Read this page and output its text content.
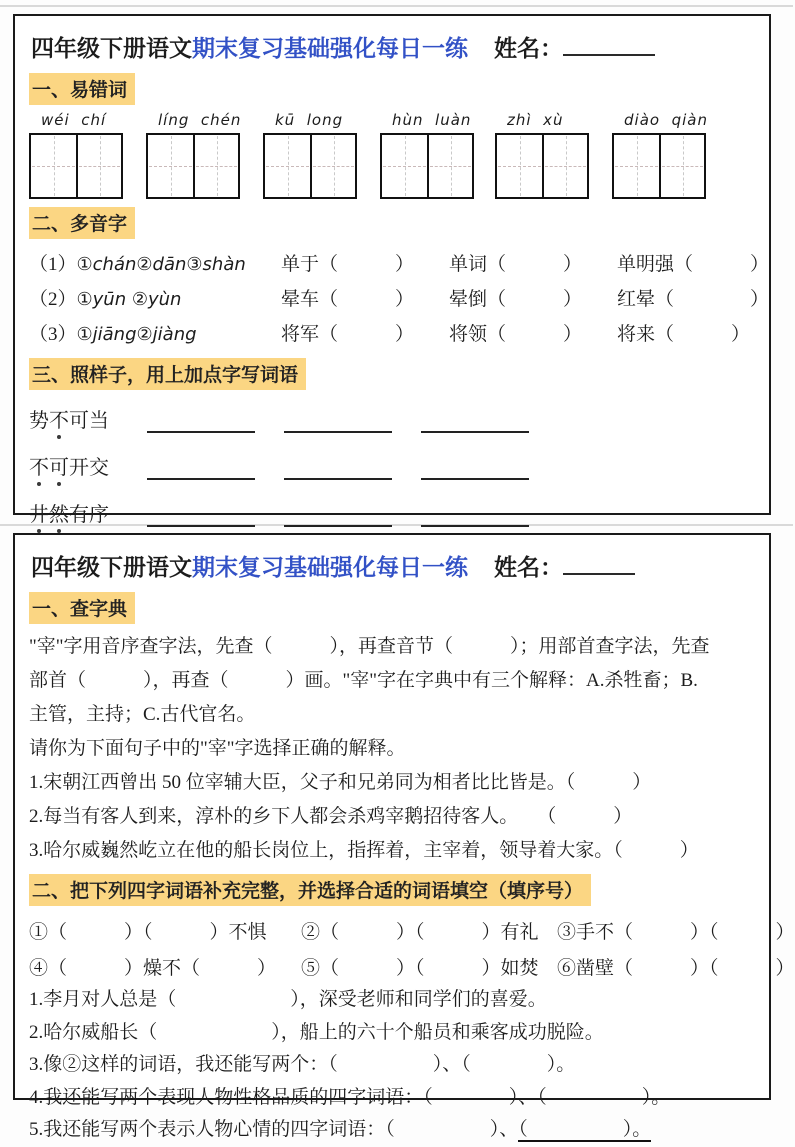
四年级下册语文期末复习基础强化每日一练 姓名：
一、易错词
wéi  chí	líng  chén	kū  long	hùn  luàn	zhì  xù	diào  qiàn
二、多音字
（1）①chán②dān③shàn	单于（　　　）	单词（　　　）	单明强（　　　）
（2）①yūn ②yùn	晕车（　　　）	晕倒（　　　）	红晕（　　　　）
（3）①jiāng②jiàng	将军（　　　）	将领（　　　）	将来（　　　）
三、照样子，用上加点字写词语
势不可当
不可开交
井然有序
四年级下册语文期末复习基础强化每日一练 姓名：
一、查字典
"宰"字用音序查字法，先查（　　　），再查音节（　　　）；用部首查字法，先查
部首（　　　），再查（　　　）画。"宰"字在字典中有三个解释：A.杀牲畜；B.
主管，主持；C.古代官名。
请你为下面句子中的"宰"字选择正确的解释。
1.宋朝江西曾出 50 位宰辅大臣，父子和兄弟同为相者比比皆是。（　　　）
2.每当有客人到来，淳朴的乡下人都会杀鸡宰鹅招待客人。　　（　　　）
3.哈尔威巍然屹立在他的船长岗位上，指挥着，主宰着，领导着大家。（　　　）
二、把下列四字词语补充完整，并选择合适的词语填空（填序号）
①（　　　）（　　　）不惧	②（　　　）（　　　）有礼 ③手不（　　　）（　　　）
④（　　　）燥不（　　　）	⑤（　　　）（　　　）如焚 ⑥凿壁（　　　）（　　　）
1.李月对人总是（　　　　　　），深受老师和同学们的喜爱。
2.哈尔威船长（　　　　　　），船上的六十个船员和乘客成功脱险。
3.像②这样的词语，我还能写两个：（　　　　　）、（　　　　）。
4.我还能写两个表现人物性格品质的四字词语：（　　　　）、（　　　　　）。
5.我还能写两个表示人物心情的四字词语：（　　　　　）、（　　　　　）。
